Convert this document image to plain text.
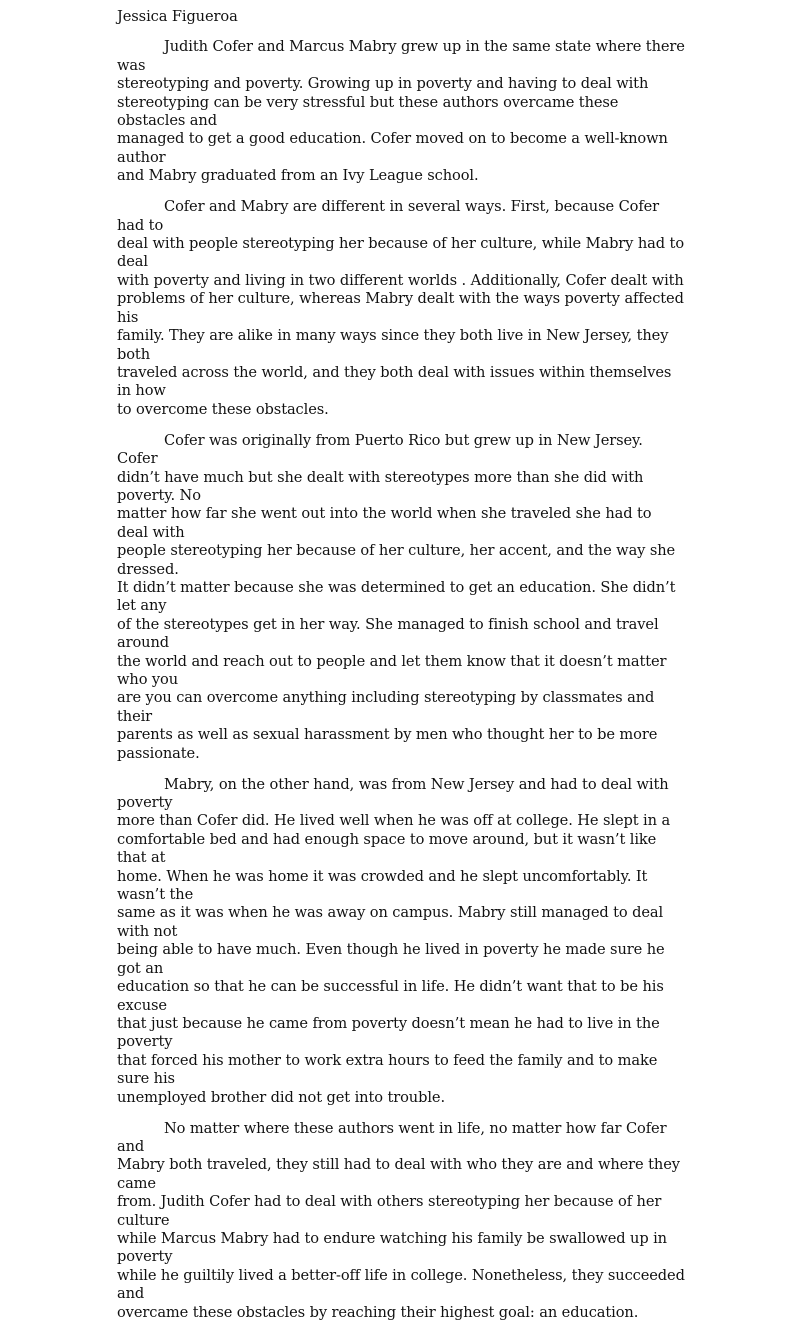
Jessica Figueroa

Judith Cofer and Marcus Mabry grew up in the same state where there was
stereotyping and poverty. Growing up in poverty and having to deal with
stereotyping can be very stressful but these authors overcame these obstacles and
managed to get a good education. Cofer moved on to become a well-known author
and Mabry graduated from an Ivy League school.

Cofer and Mabry are different in several ways. First, because Cofer had to
deal with people stereotyping her because of her culture, while Mabry had to deal
with poverty and living in two different worlds . Additionally, Cofer dealt with
problems of her culture, whereas Mabry dealt with the ways poverty affected his
family. They are alike in many ways since they both live in New Jersey, they both
traveled across the world, and they both deal with issues within themselves in how
to overcome these obstacles.

Cofer was originally from Puerto Rico but grew up in New Jersey. Cofer
didn’t have much but she dealt with stereotypes more than she did with poverty. No
matter how far she went out into the world when she traveled she had to deal with
people stereotyping her because of her culture, her accent, and the way she dressed.
It didn’t matter because she was determined to get an education. She didn’t let any
of the stereotypes get in her way. She managed to finish school and travel around
the world and reach out to people and let them know that it doesn’t matter who you
are you can overcome anything including stereotyping by classmates and their
parents as well as sexual harassment by men who thought her to be more
passionate.

Mabry, on the other hand, was from New Jersey and had to deal with poverty
more than Cofer did. He lived well when he was off at college. He slept in a
comfortable bed and had enough space to move around, but it wasn’t like that at
home. When he was home it was crowded and he slept uncomfortably. It wasn’t the
same as it was when he was away on campus. Mabry still managed to deal with not
being able to have much. Even though he lived in poverty he made sure he got an
education so that he can be successful in life. He didn’t want that to be his excuse
that just because he came from poverty doesn’t mean he had to live in the poverty
that forced his mother to work extra hours to feed the family and to make sure his
unemployed brother did not get into trouble.

No matter where these authors went in life, no matter how far Cofer and
Mabry both traveled, they still had to deal with who they are and where they came
from. Judith Cofer had to deal with others stereotyping her because of her culture
while Marcus Mabry had to endure watching his family be swallowed up in poverty
while he guiltily lived a better-off life in college. Nonetheless, they succeeded and
overcame these obstacles by reaching their highest goal: an education.
